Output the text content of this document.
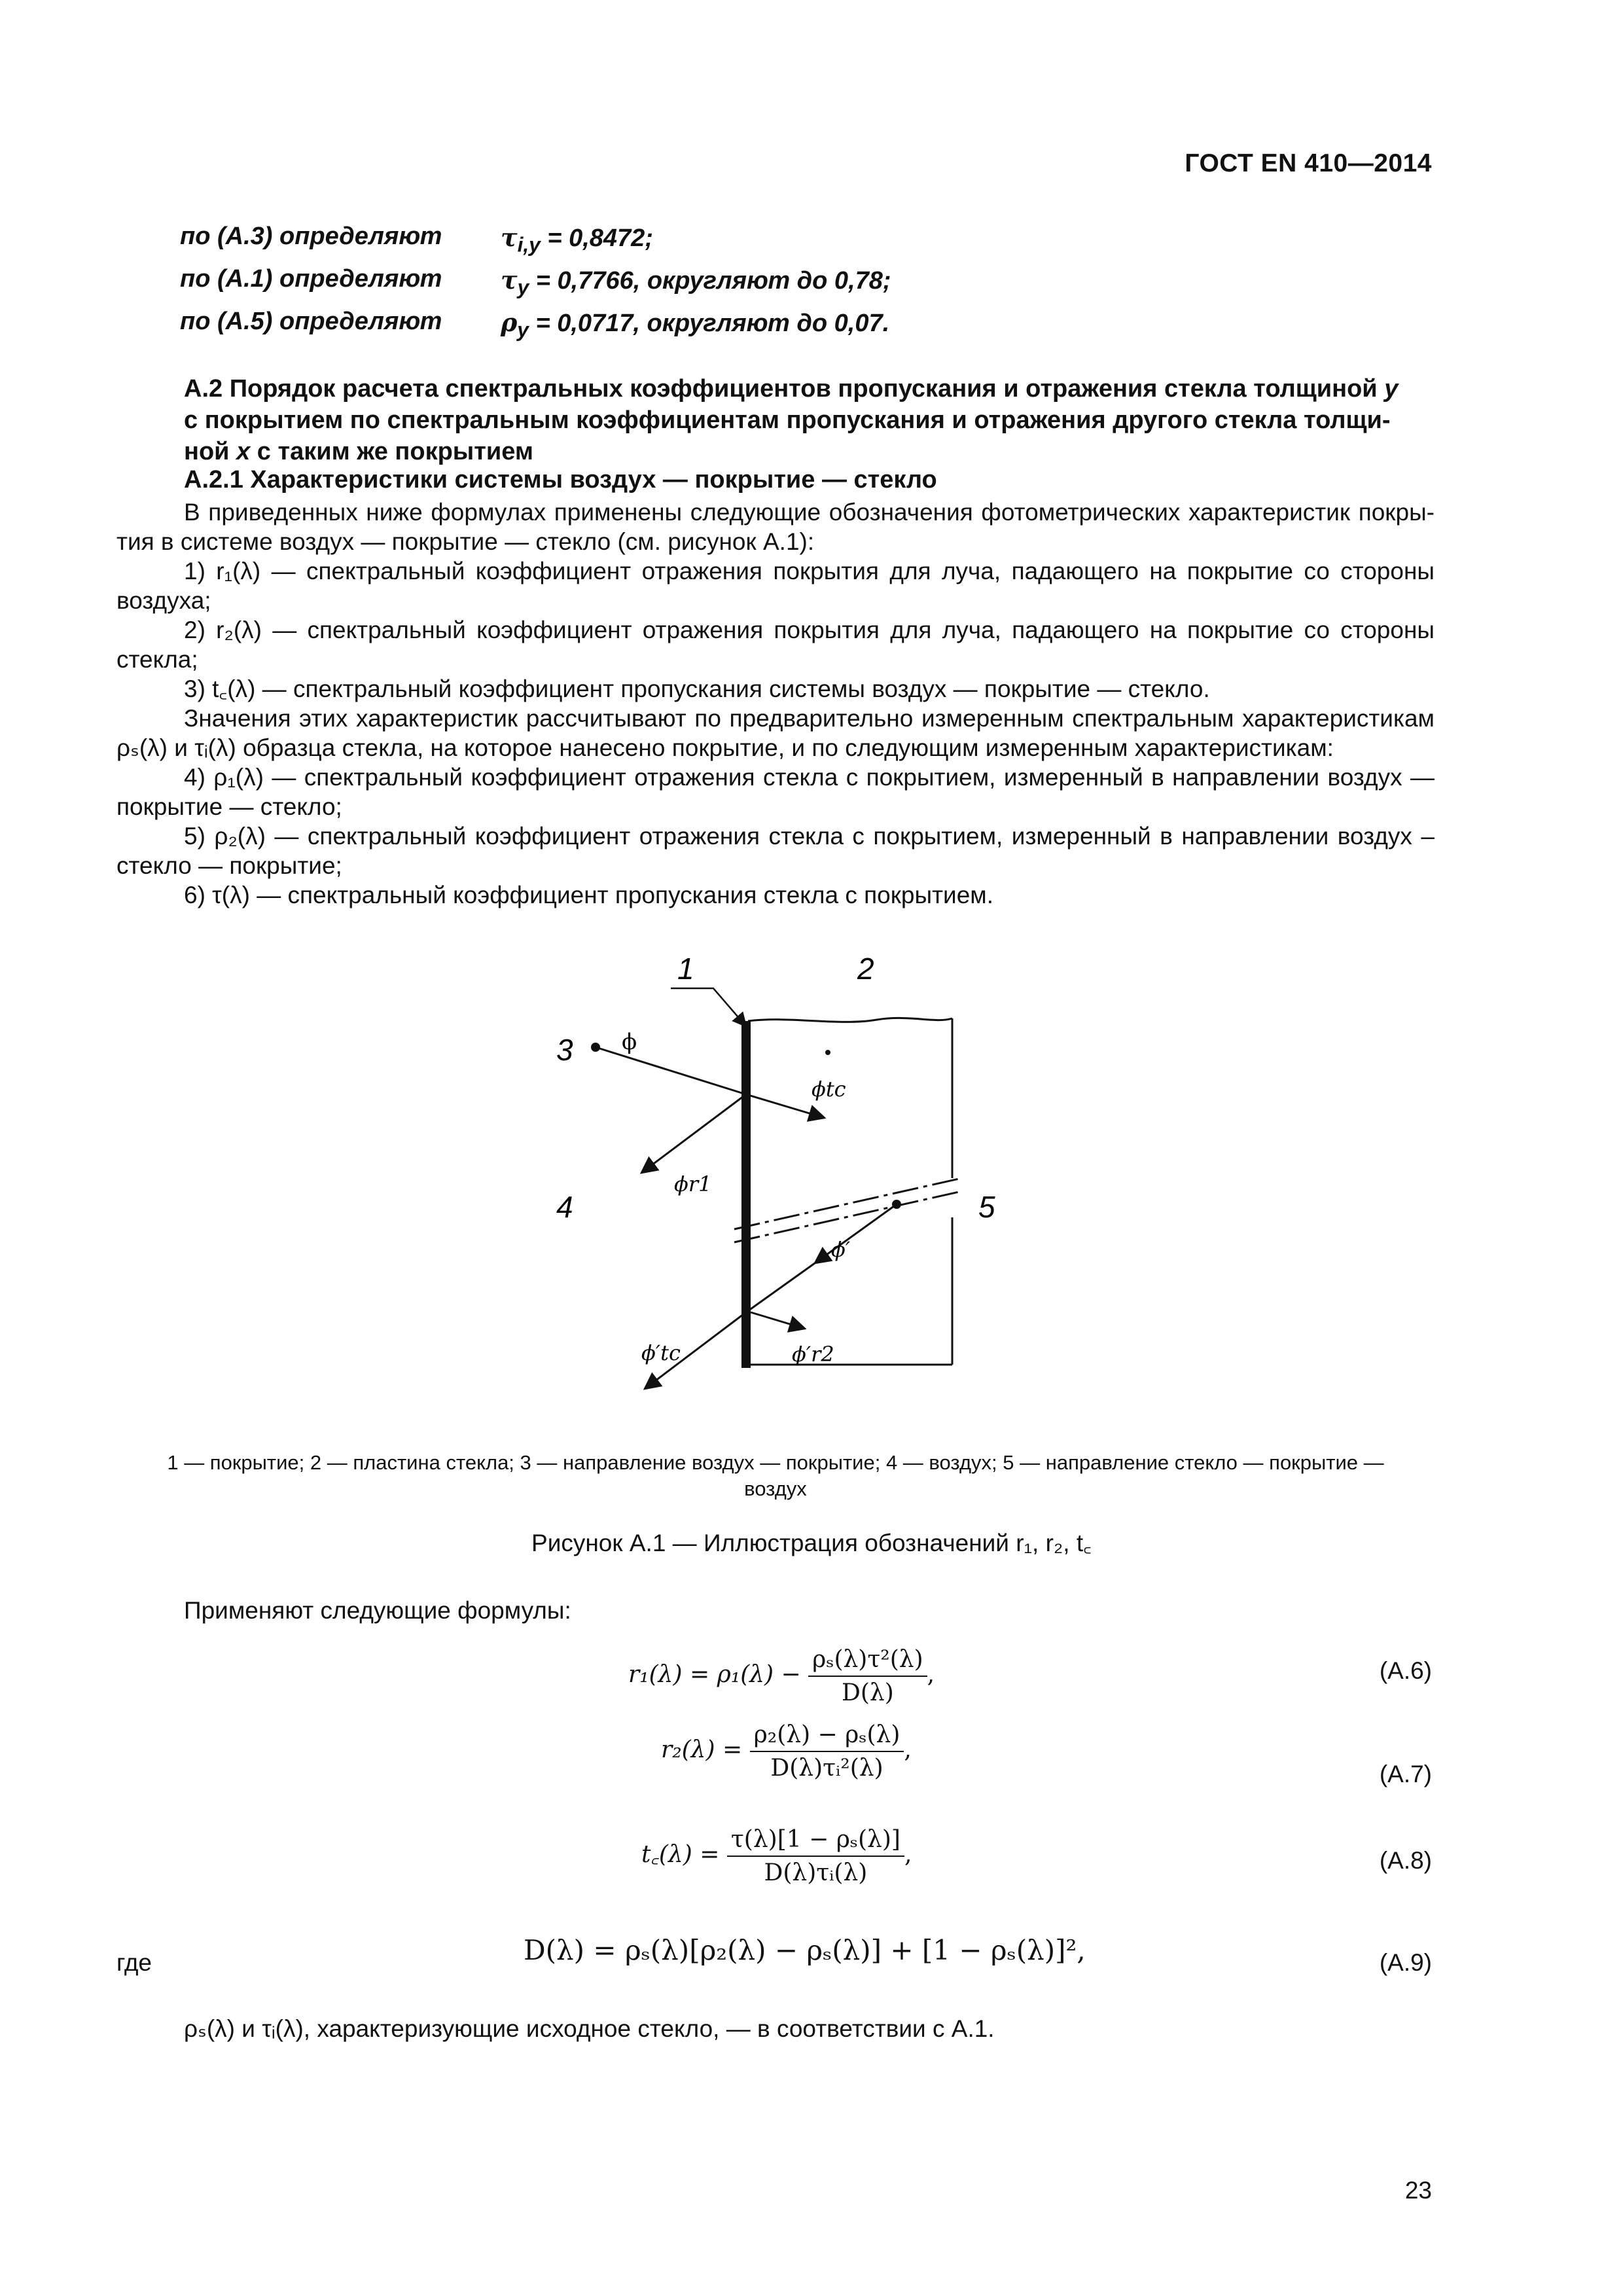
ГОСТ EN 410—2014
по (А.3) определяют $\tau_{i,y} = 0,8472$;
по (А.1) определяют $\tau_y = 0,7766$, округляют до 0,78;
по (А.5) определяют $\rho_y = 0,0717$, округляют до 0,07.
А.2 Порядок расчета спектральных коэффициентов пропускания и отражения стекла толщиной y
с покрытием по спектральным коэффициентам пропускания и отражения другого стекла толщи-
ной x с таким же покрытием
А.2.1 Характеристики системы воздух — покрытие — стекло
В приведенных ниже формулах применены следующие обозначения фотометрических характеристик покры-тия в системе воздух — покрытие — стекло (см. рисунок А.1):
1) r₁(λ) — спектральный коэффициент отражения покрытия для луча, падающего на покрытие со стороны воздуха;
2) r₂(λ) — спектральный коэффициент отражения покрытия для луча, падающего на покрытие со стороны стекла;
3) t꜀(λ) — спектральный коэффициент пропускания системы воздух — покрытие — стекло.
Значения этих характеристик рассчитывают по предварительно измеренным спектральным характеристикам ρₛ(λ) и τᵢ(λ) образца стекла, на которое нанесено покрытие, и по следующим измеренным характеристикам:
4) ρ₁(λ) — спектральный коэффициент отражения стекла с покрытием, измеренный в направлении воздух — покрытие — стекло;
5) ρ₂(λ) — спектральный коэффициент отражения стекла с покрытием, измеренный в направлении воздух – стекло — покрытие;
6) τ(λ) — спектральный коэффициент пропускания стекла с покрытием.
1	2
3
4	5
ϕ
ϕtc
ϕr1
ϕ′
ϕ′tc	ϕ′r2
1 — покрытие; 2 — пластина стекла; 3 — направление воздух — покрытие; 4 — воздух; 5 — направление стекло — покрытие —
воздух
Рисунок А.1 — Иллюстрация обозначений r₁, r₂, t꜀
Применяют следующие формулы:
$r_1(\lambda) = \rho_1(\lambda) - \frac{\text{ρₛ(λ)τ²(λ)}}{D(\lambda)}$ ,	(А.6)
$r_2(\lambda) = \frac{\text{ρ₂(λ) − ρₛ(λ)}}{\text{D(λ)τᵢ²(λ)}}$ ,
(А.7)
t꜀(λ) = $\frac{\text{τ(λ)[1 − ρₛ(λ)]}}{\text{D(λ)τᵢ(λ)}}$ ,	(А.8)
где	D(λ) = ρₛ(λ)[ρ₂(λ) − ρₛ(λ)] + [1 − ρₛ(λ)]²,	(А.9)
ρₛ(λ) и τᵢ(λ), характеризующие исходное стекло, — в соответствии с А.1.
23
